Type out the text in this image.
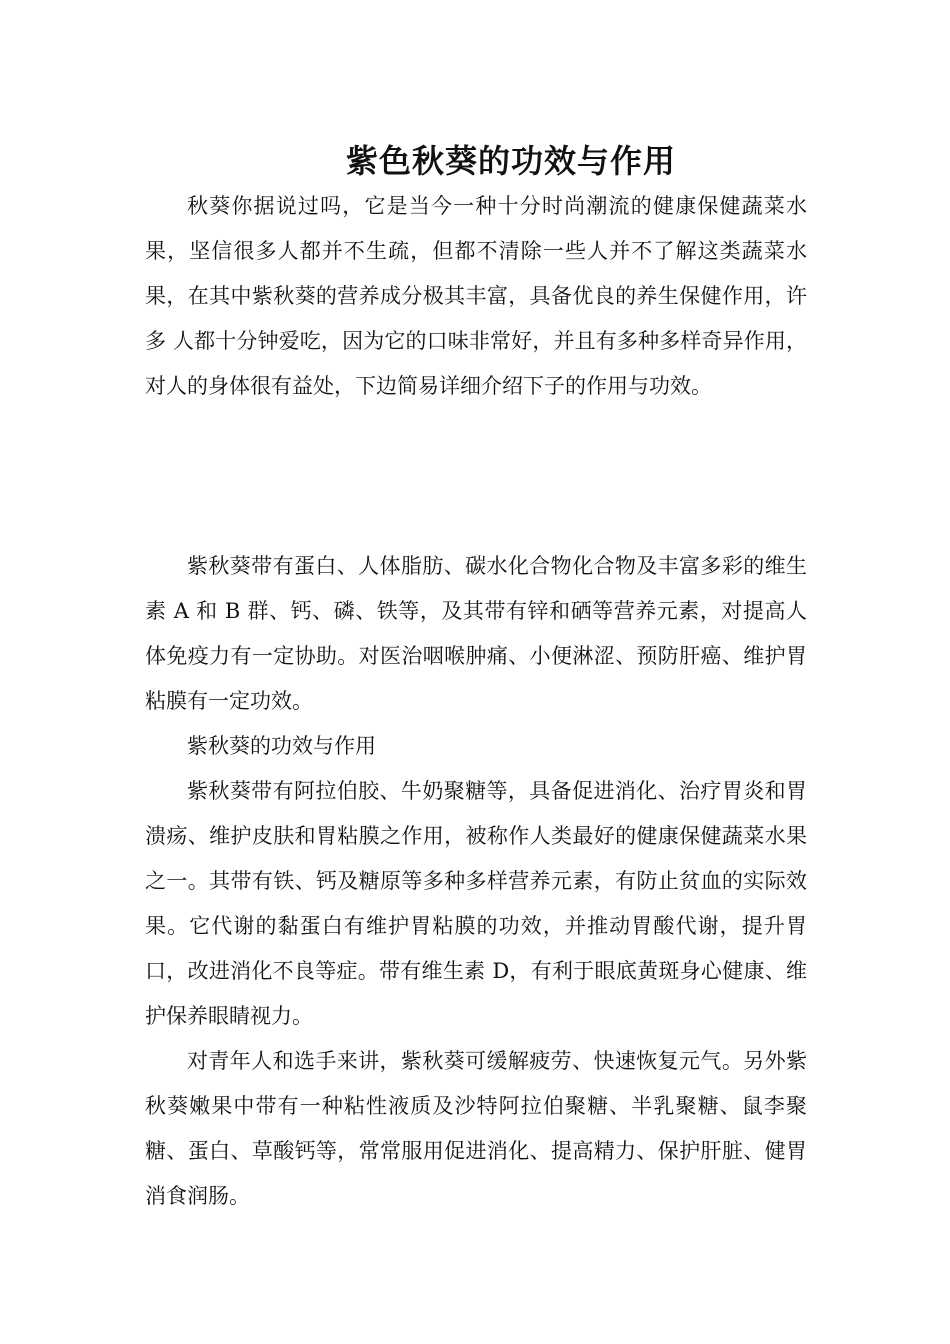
紫色秋葵的功效与作用

秋葵你据说过吗，它是当今一种十分时尚潮流的健康保健蔬菜水果，坚信很多人都并不生疏，但都不清除一些人并不了解这类蔬菜水果，在其中紫秋葵的营养成分极其丰富，具备优良的养生保健作用，许多 人都十分钟爱吃，因为它的口味非常好，并且有多种多样奇异作用，对人的身体很有益处，下边简易详细介绍下子的作用与功效。

紫秋葵带有蛋白、人体脂肪、碳水化合物化合物及丰富多彩的维生素 A 和 B 群、钙、磷、铁等，及其带有锌和硒等营养元素，对提高人体免疫力有一定协助。对医治咽喉肿痛、小便淋涩、预防肝癌、维护胃粘膜有一定功效。

紫秋葵的功效与作用

紫秋葵带有阿拉伯胶、牛奶聚糖等，具备促进消化、治疗胃炎和胃溃疡、维护皮肤和胃粘膜之作用，被称作人类最好的健康保健蔬菜水果之一。其带有铁、钙及糖原等多种多样营养元素，有防止贫血的实际效果。它代谢的黏蛋白有维护胃粘膜的功效，并推动胃酸代谢，提升胃口，改进消化不良等症。带有维生素 D，有利于眼底黄斑身心健康、维护保养眼睛视力。

对青年人和选手来讲，紫秋葵可缓解疲劳、快速恢复元气。另外紫秋葵嫩果中带有一种粘性液质及沙特阿拉伯聚糖、半乳聚糖、鼠李聚糖、蛋白、草酸钙等，常常服用促进消化、提高精力、保护肝脏、健胃消食润肠。
